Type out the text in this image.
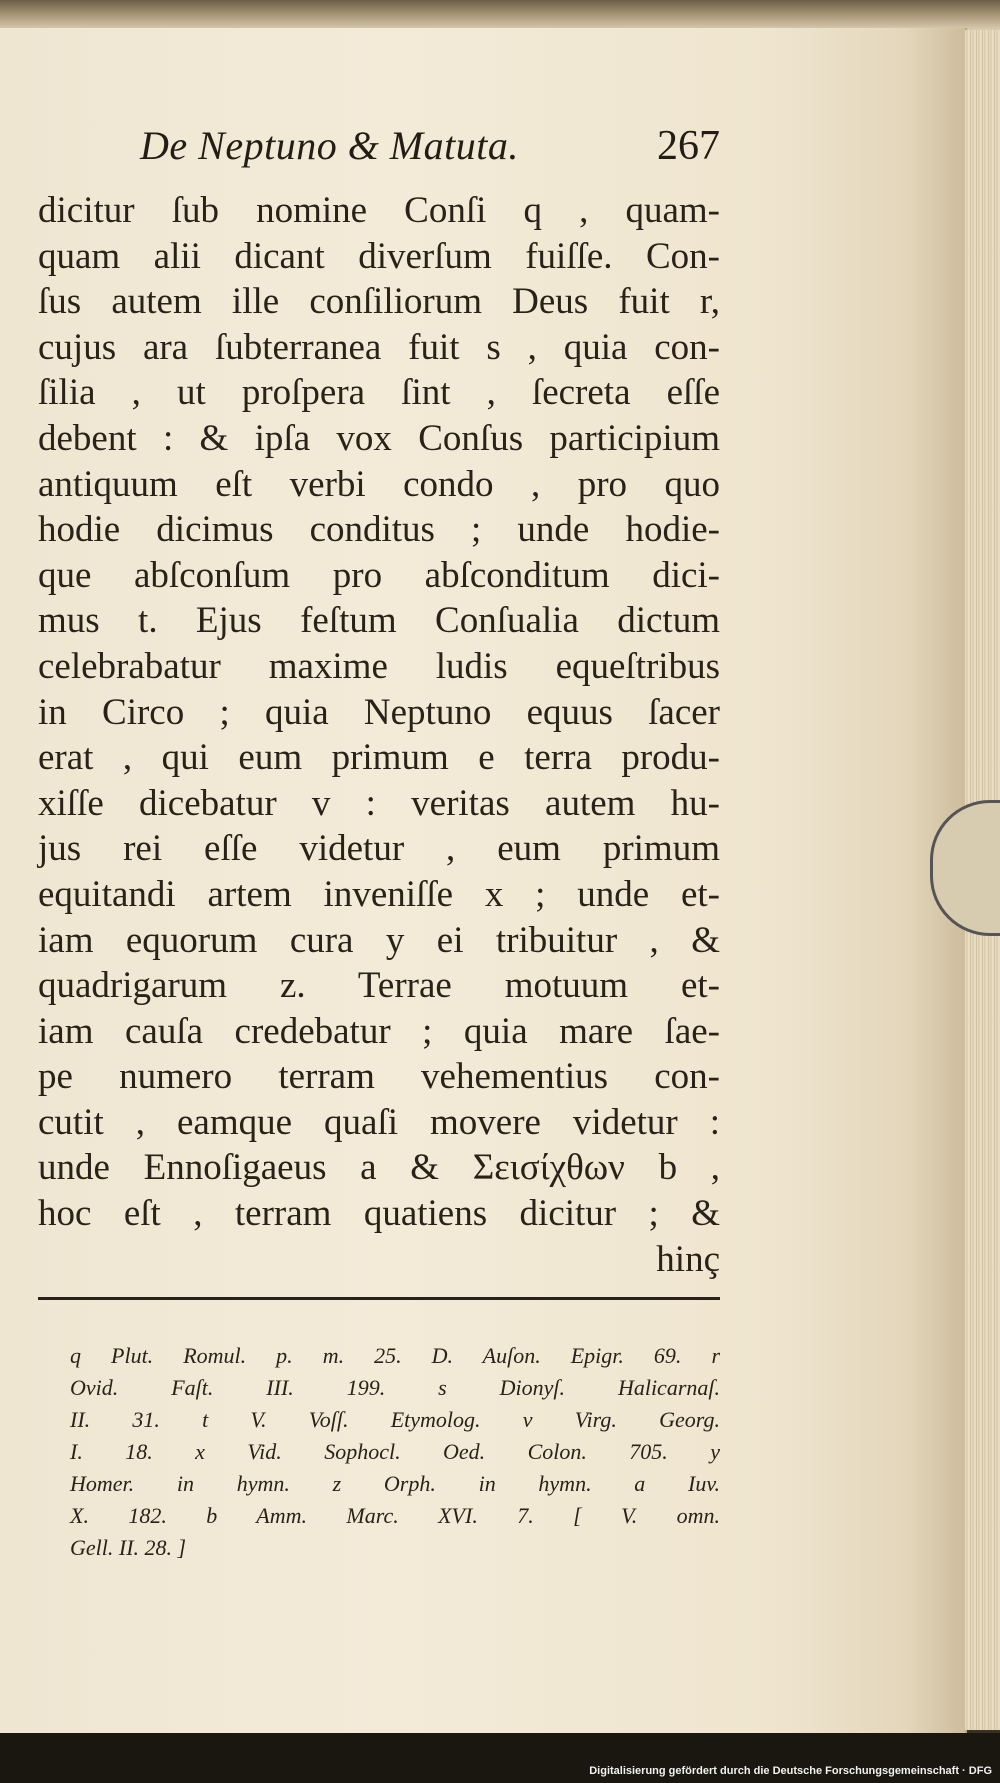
De Neptuno & Matuta.	267
dicitur ſub nomine Conſi q , quam-
quam alii dicant diverſum fuiſſe. Con-
ſus autem ille conſiliorum Deus fuit r,
cujus ara ſubterranea fuit s , quia con-
ſilia , ut proſpera ſint , ſecreta eſſe
debent : & ipſa vox Conſus participium
antiquum eſt verbi condo , pro quo
hodie dicimus conditus ; unde hodie-
que abſconſum pro abſconditum dici-
mus t. Ejus feſtum Conſualia dictum
celebrabatur maxime ludis equeſtribus
in Circo ; quia Neptuno equus ſacer
erat , qui eum primum e terra produ-
xiſſe dicebatur v : veritas autem hu-
jus rei eſſe videtur , eum primum
equitandi artem inveniſſe x ; unde et-
iam equorum cura y ei tribuitur , &
quadrigarum z. Terrae motuum et-
iam cauſa credebatur ; quia mare ſae-
pe numero terram vehementius con-
cutit , eamque quaſi movere videtur :
unde Ennoſigaeus a & Σεισίχθων b ,
hoc eſt , terram quatiens dicitur ; &
hinç
q Plut. Romul. p. m. 25. D. Auſon. Epigr. 69. r
Ovid. Faſt. III. 199. s Dionyſ. Halicarnaſ.
II. 31. t V. Voſſ. Etymolog. v Virg. Georg.
I. 18. x Vid. Sophocl. Oed. Colon. 705. y
Homer. in hymn. z Orph. in hymn. a Iuv.
X. 182. b Amm. Marc. XVI. 7. [ V. omn.
Gell. II. 28. ]
Digitalisierung gefördert durch die Deutsche Forschungsgemeinschaft · DFG
